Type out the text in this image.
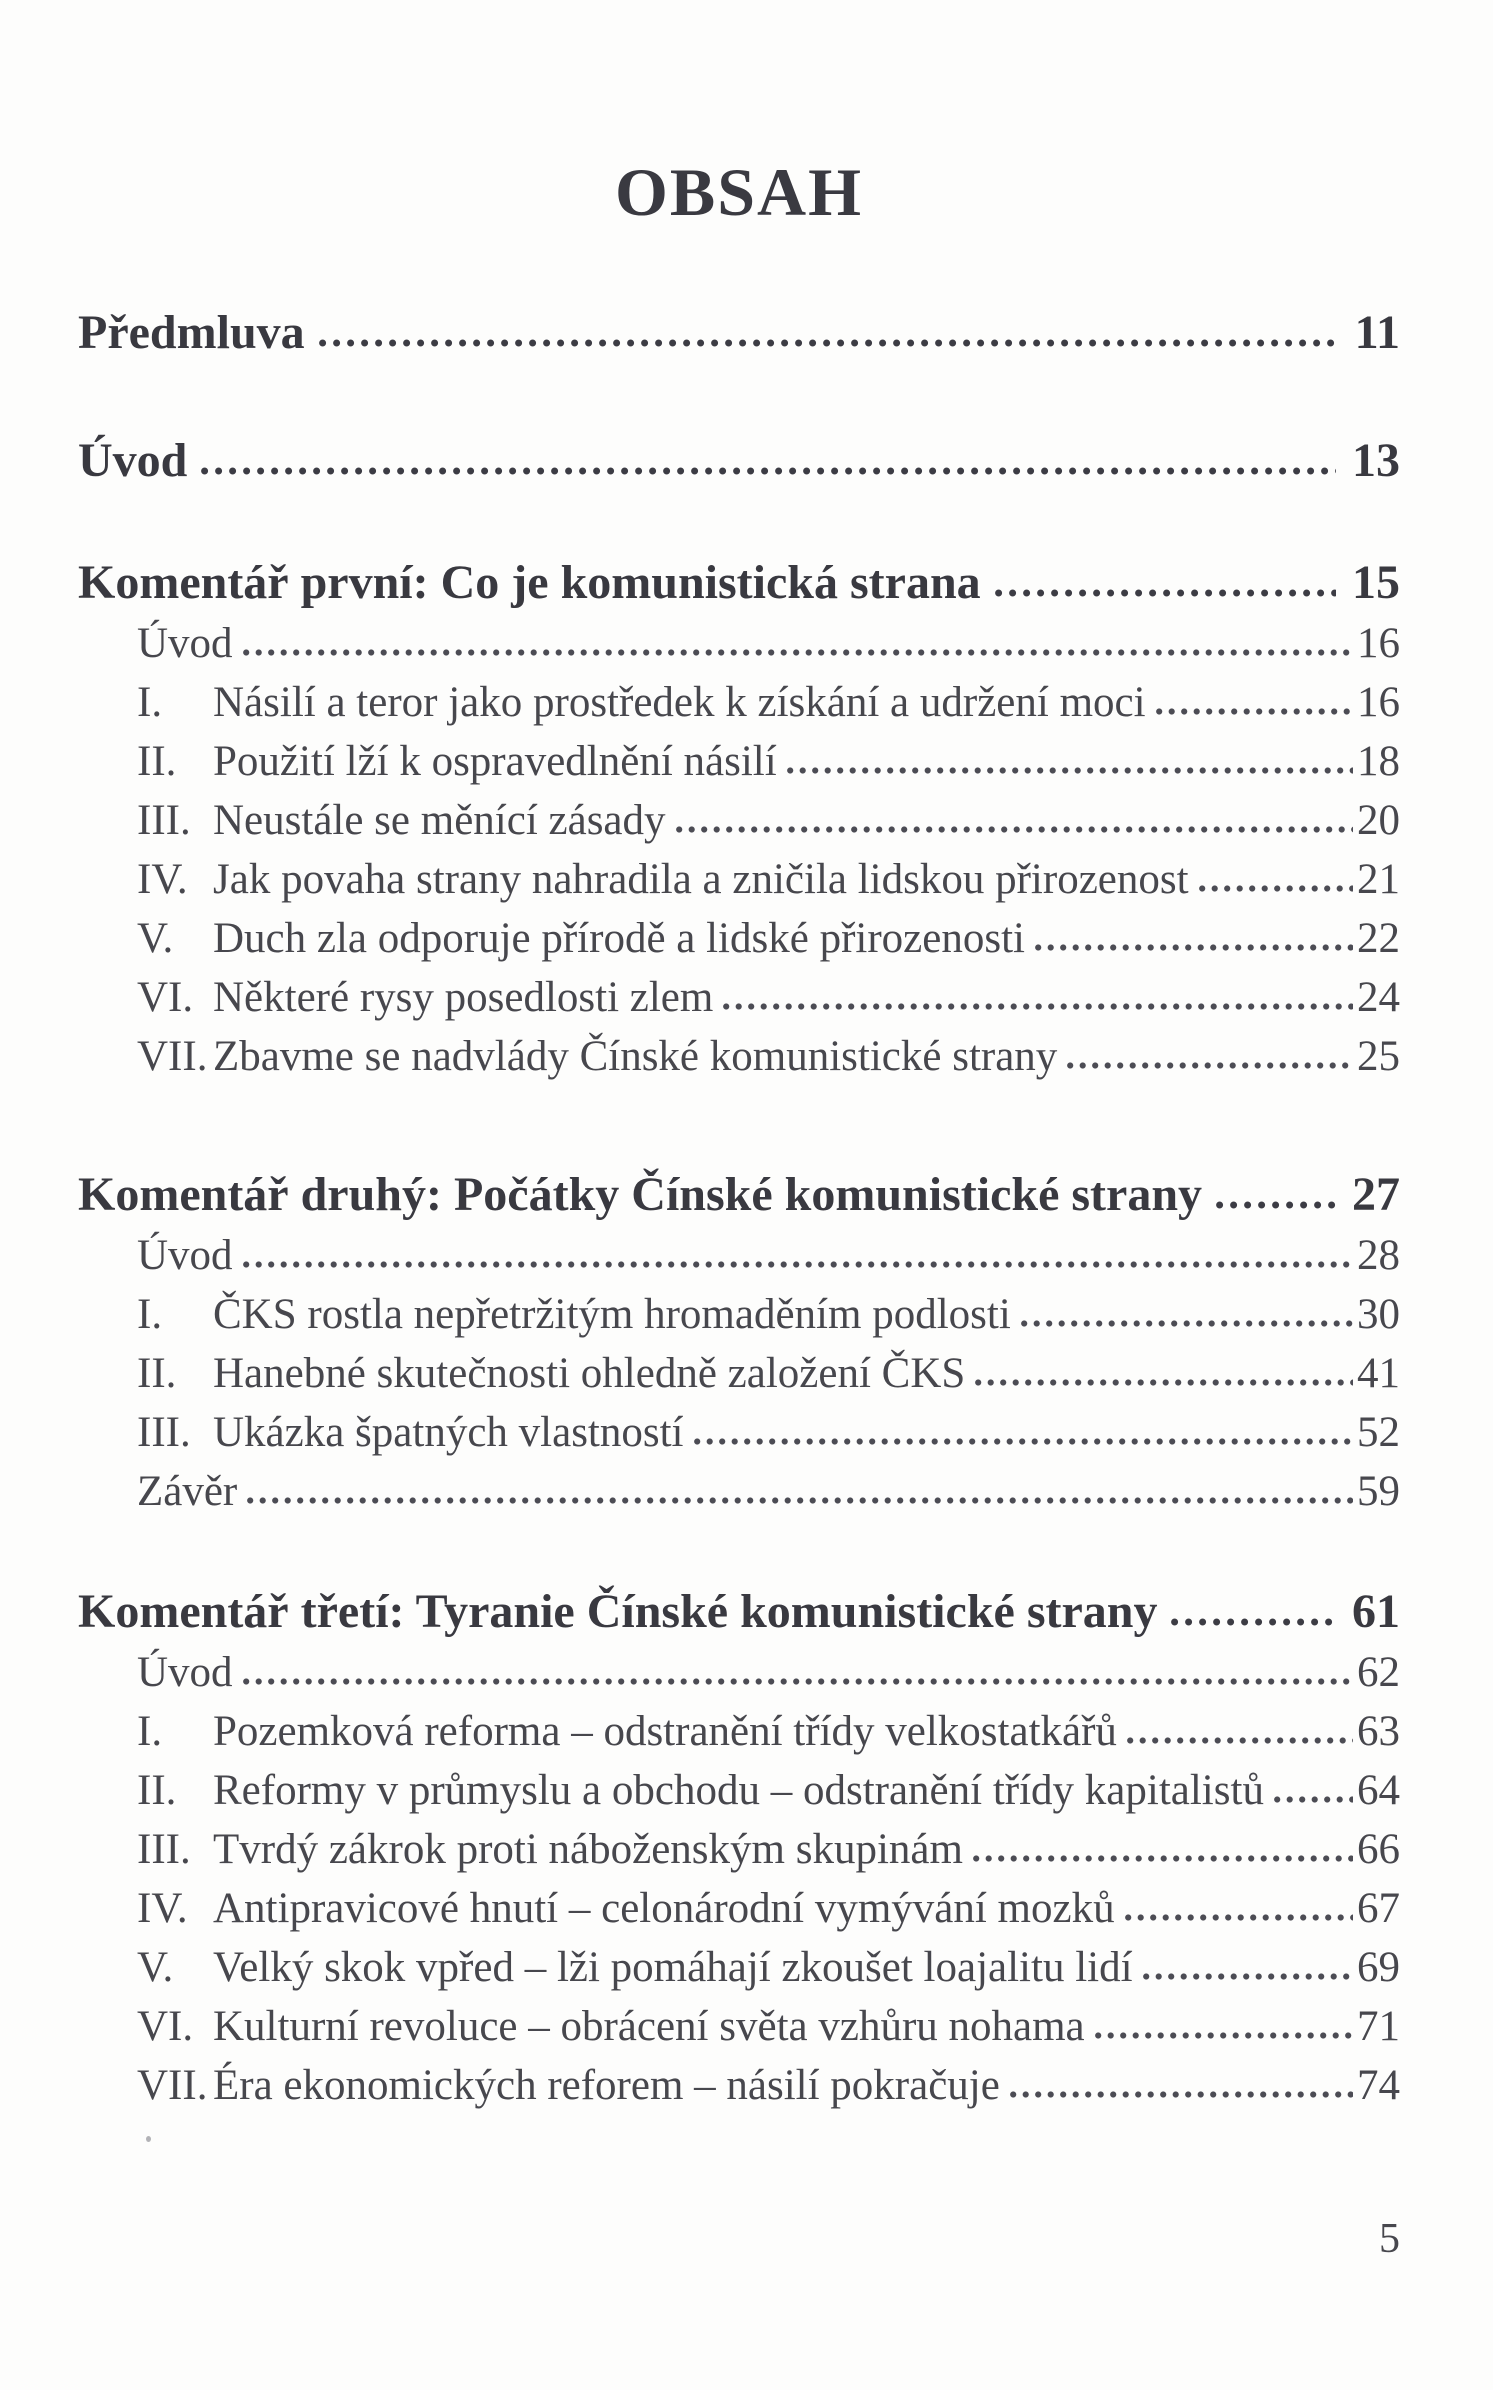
OBSAH
Předmluva	11
Úvod	13
Komentář první: Co je komunistická strana	15
Úvod	16
I.	Násilí a teror jako prostředek k získání a udržení moci	16
II. Použití lží k ospravedlnění násilí	18
III. Neustále se měnící zásady	20
IV. Jak povaha strany nahradila a zničila lidskou přirozenost	21
V. Duch zla odporuje přírodě a lidské přirozenosti	22
VI. Některé rysy posedlosti zlem	24
VII. Zbavme se nadvlády Čínské komunistické strany	25
Komentář druhý: Počátky Čínské komunistické strany	27
Úvod	28
I.	ČKS rostla nepřetržitým hromaděním podlosti	30
II. Hanebné skutečnosti ohledně založení ČKS	41
III. Ukázka špatných vlastností	52
Závěr	59
Komentář třetí: Tyranie Čínské komunistické strany	61
Úvod	62
I.	Pozemková reforma – odstranění třídy velkostatkářů	63
II. Reformy v průmyslu a obchodu – odstranění třídy kapitalistů 64
III. Tvrdý zákrok proti náboženským skupinám	66
IV. Antipravicové hnutí – celonárodní vymývání mozků	67
V. Velký skok vpřed – lži pomáhají zkoušet loajalitu lidí	69
VI. Kulturní revoluce – obrácení světa vzhůru nohama	71
VII. Éra ekonomických reforem – násilí pokračuje	74
5
